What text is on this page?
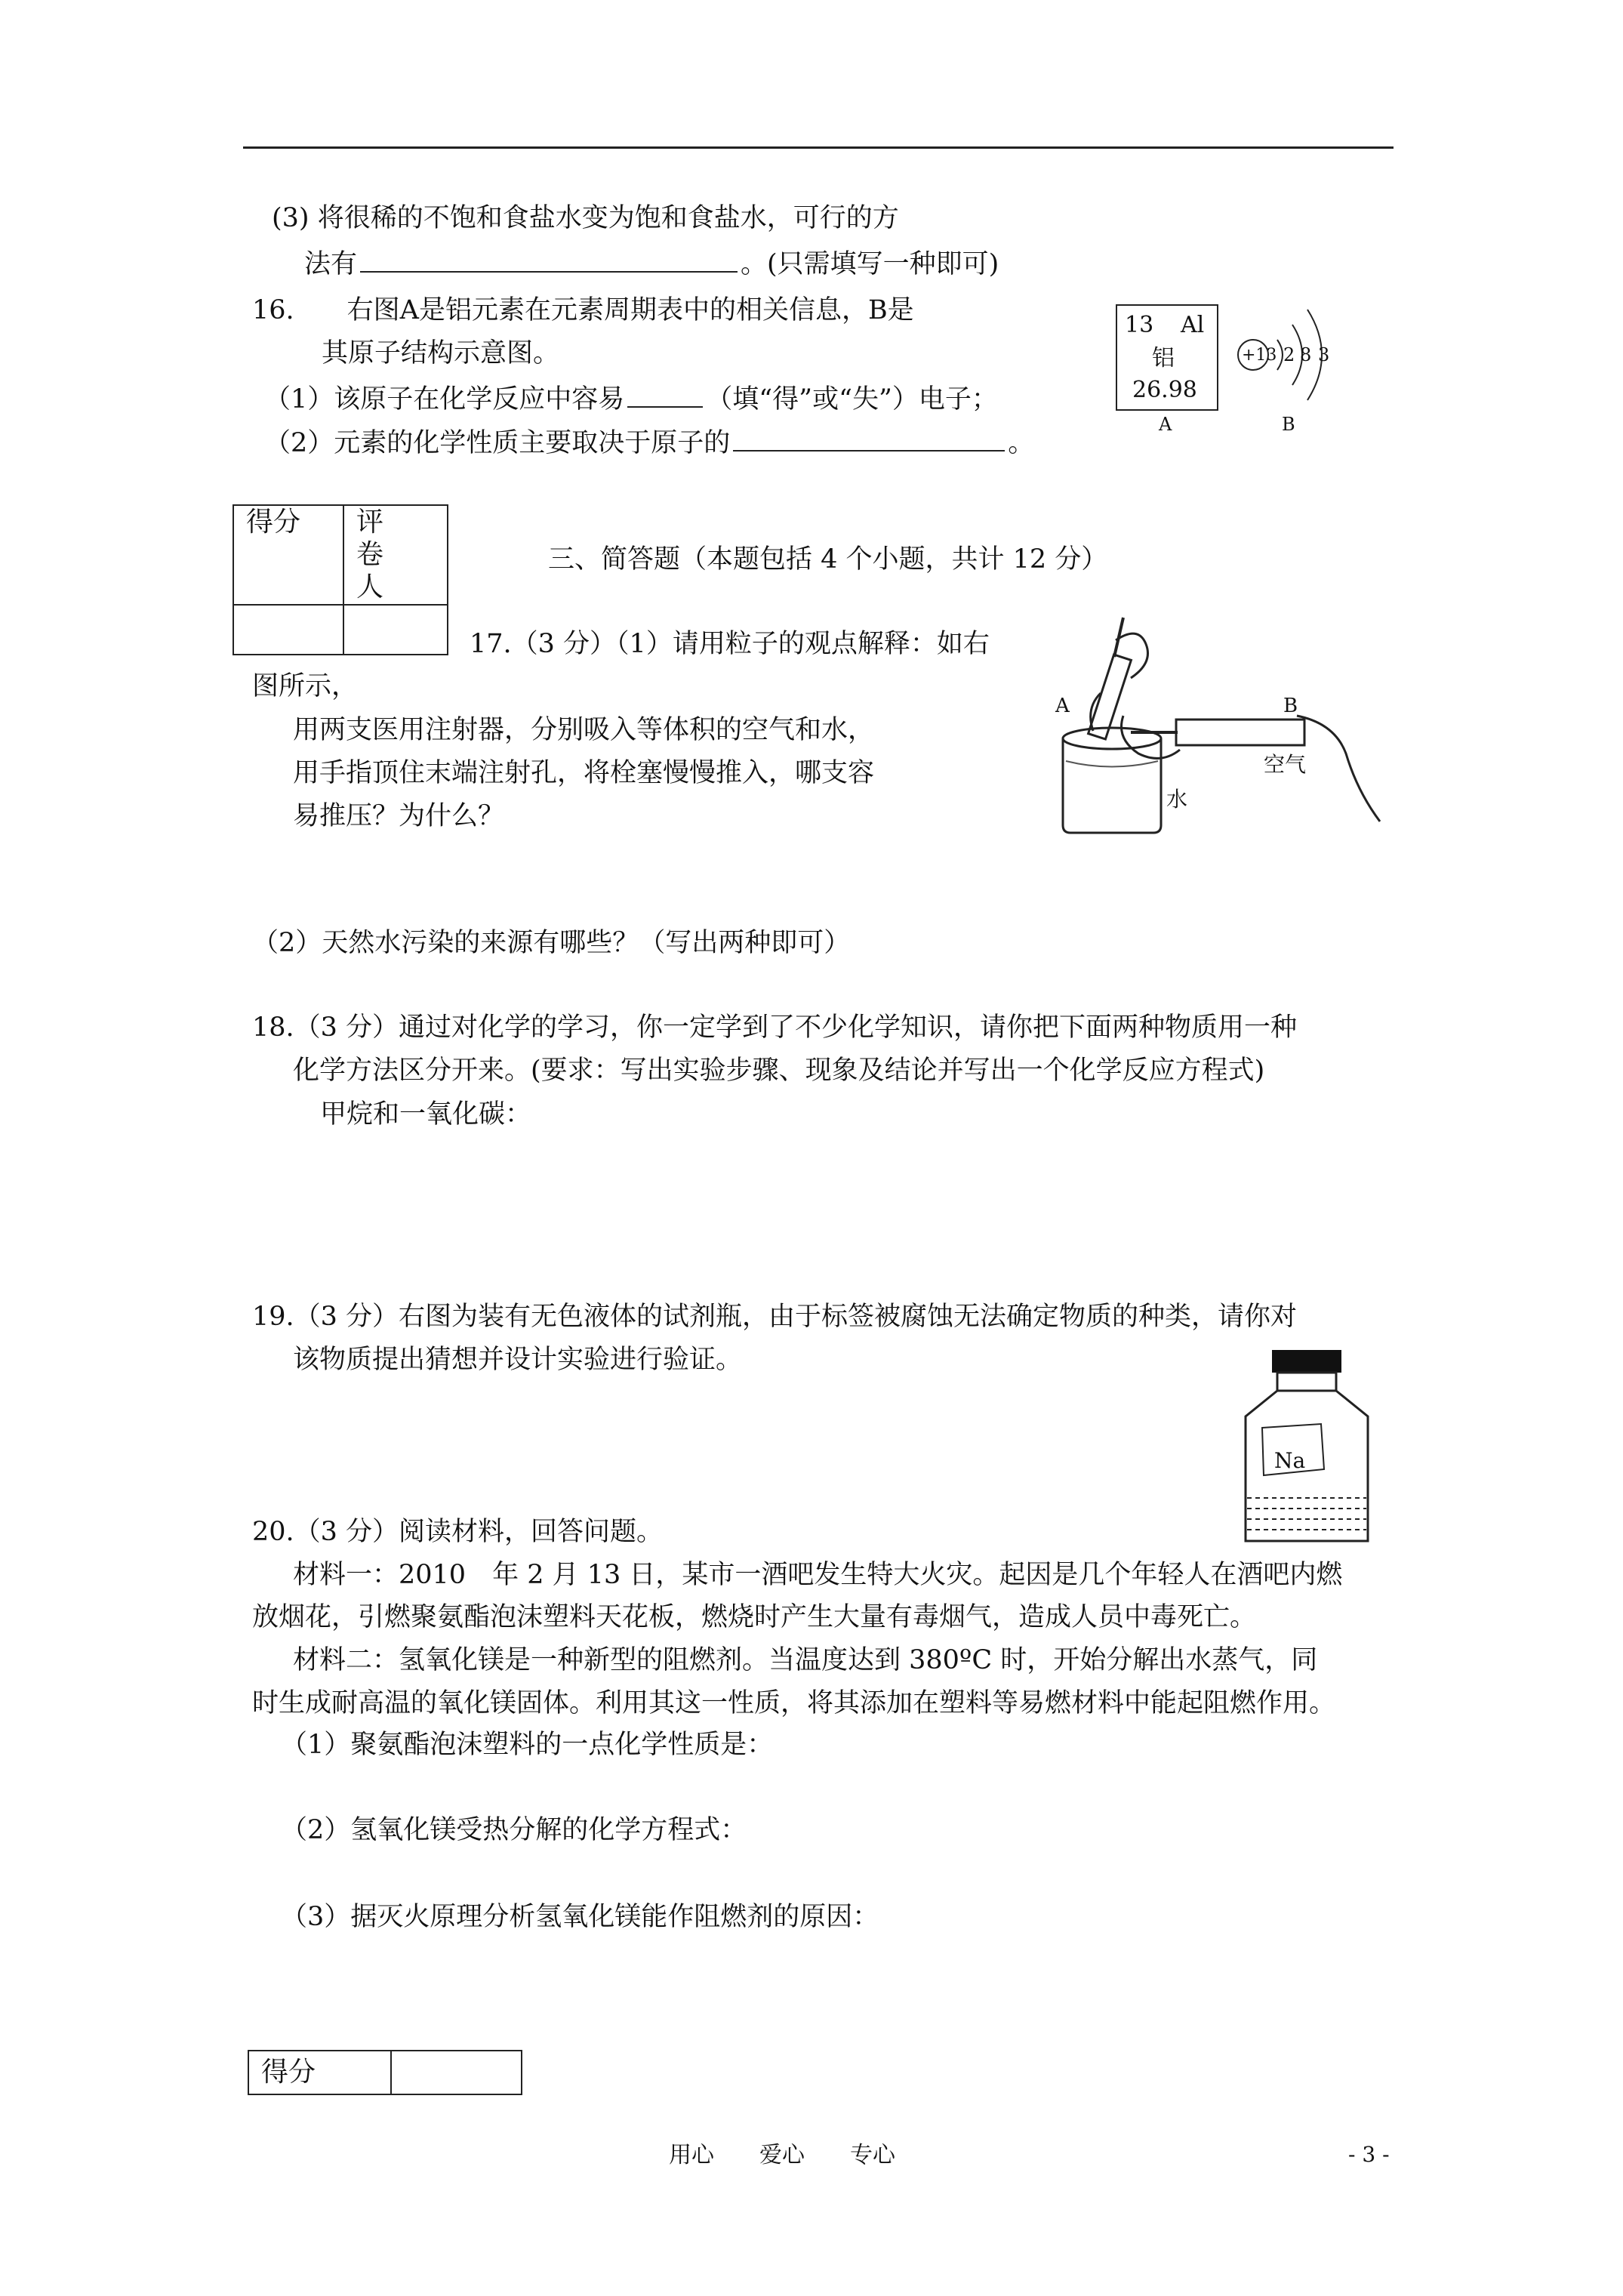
(3) 将很稀的不饱和食盐水变为饱和食盐水，可行的方
法有	。(只需填写一种即可)
16.　　右图A是铝元素在元素周期表中的相关信息，B是
其原子结构示意图。
（1）该原子在化学反应中容易	（填“得”或“失”）电子；
（2）元素的化学性质主要取决于原子的	。
13 Al
铝
26.98
A
+13 2 8 3
B
得分	评　卷
人

三、简答题（本题包括 4 个小题，共计 12 分）
17.（3 分）（1）请用粒子的观点解释：如右
图所示，
用两支医用注射器，分别吸入等体积的空气和水，
用手指顶住末端注射孔，将栓塞慢慢推入，哪支容
易推压？为什么？
A	B
水
空气
（2）天然水污染的来源有哪些？（写出两种即可）
18.（3 分）通过对化学的学习，你一定学到了不少化学知识，请你把下面两种物质用一种
化学方法区分开来。(要求：写出实验步骤、现象及结论并写出一个化学反应方程式)
甲烷和一氧化碳：
19.（3 分）右图为装有无色液体的试剂瓶，由于标签被腐蚀无法确定物质的种类，请你对
该物质提出猜想并设计实验进行验证。
Na
20.（3 分）阅读材料，回答问题。
材料一：2010　年 2 月 13 日，某市一酒吧发生特大火灾。起因是几个年轻人在酒吧内燃
放烟花，引燃聚氨酯泡沫塑料天花板，燃烧时产生大量有毒烟气，造成人员中毒死亡。
材料二：氢氧化镁是一种新型的阻燃剂。当温度达到 380ºC 时，开始分解出水蒸气，同
时生成耐高温的氧化镁固体。利用其这一性质，将其添加在塑料等易燃材料中能起阻燃作用。
（1）聚氨酯泡沫塑料的一点化学性质是：
（2）氢氧化镁受热分解的化学方程式：
（3）据灭火原理分析氢氧化镁能作阻燃剂的原因：
得分	
用心　　爱心　　专心	- 3 -
